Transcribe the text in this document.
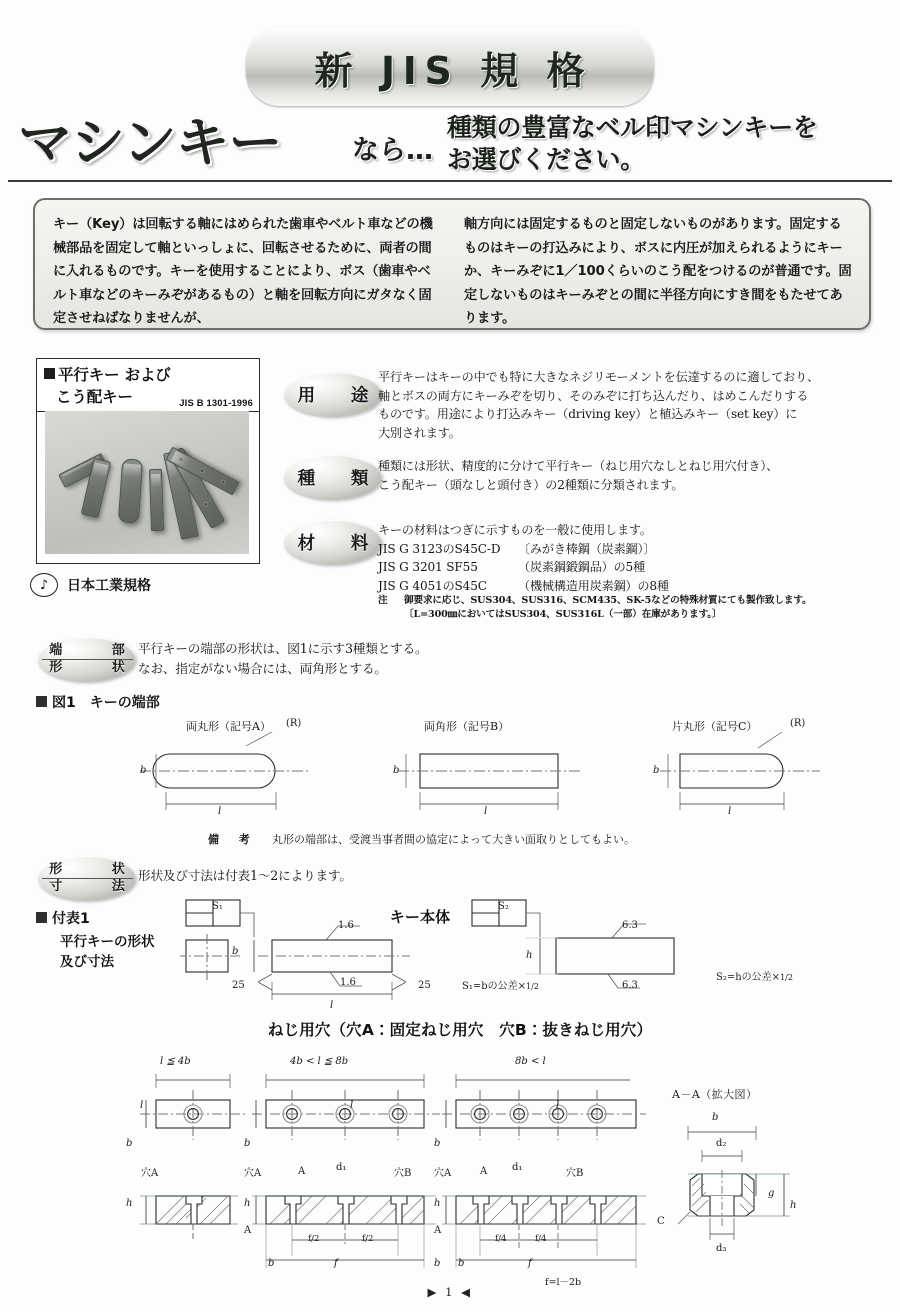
新 JIS 規 格
マシンキー	なら…
種類の豊富なベル印マシンキーを
お選びください。
キー（Key）は回転する軸にはめられた歯車やベルト車などの機械部品を固定して軸といっしょに、回転させるために、両者の間に入れるものです。キーを使用することにより、ボス（歯車やベルト車などのキーみぞがあるもの）と軸を回転方向にガタなく固定させねばなりませんが、
軸方向には固定するものと固定しないものがあります。固定するものはキーの打込みにより、ボスに内圧が加えられるようにキーか、キーみぞに1／100くらいのこう配をつけるのが普通です。固定しないものはキーみぞとの間に半径方向にすき間をもたせてあります。
平行キー および
こう配キー	JIS B 1301-1996
♪	日本工業規格
用　途
平行キーはキーの中でも特に大きなネジリモーメントを伝達するのに適しており、
軸とボスの両方にキーみぞを切り、そのみぞに打ち込んだり、はめこんだりする
ものです。用途により打込みキー（driving key）と植込みキー（set key）に
大別されます。
種　類
種類には形状、精度的に分けて平行キー（ねじ用穴なしとねじ用穴付き）、
こう配キー（頭なしと頭付き）の2種類に分類されます。
材　料
キーの材料はつぎに示すものを一般に使用します。
JIS G 3123のS45C-D	〔みがき棒鋼（炭素鋼）〕
JIS G 3201 SF55	（炭素鋼鍛鋼品）の5種
JIS G 4051のS45C	（機械構造用炭素鋼）の8種
注	御要求に応じ、SUS304、SUS316、SCM435、SK-5などの特殊材質にても製作致します。
〔L=300㎜においてはSUS304、SUS316L（一部）在庫があります。〕
端　　部
形　　状
平行キーの端部の形状は、図1に示す3種類とする。
なお、指定がない場合には、両角形とする。
図1　キーの端部
両丸形（記号A） (R)	両角形（記号B）	片丸形（記号C）	(R)
b	b	b
l	l	l
備　考 丸形の端部は、受渡当事者間の協定によって大きい面取りとしてもよい。
形　　状
寸　　法
形状及び寸法は付表1～2によります。
付表1
平行キーの形状
及び寸法
キー本体
S₁
1.6
1.6
25	25
b
l
S₁=bの公差×1/2
S₂
6.3
6.3
h
S₂=hの公差×1/2
ねじ用穴（穴A：固定ねじ用穴　穴B：抜きねじ用穴）
l ≦ 4b
l
b
穴A
h
4b < l ≦ 8b
l
b
穴A	A	d₁
穴B
h
A
f/2	f/2
b	f	b
8b < l
l
b
穴A	A d₁
穴B
h
A
f/4	f/4
b	f
f=l－2b
A－A（拡大図）
b
d₂
g
h
d₃
C
▶ 1 ◀
